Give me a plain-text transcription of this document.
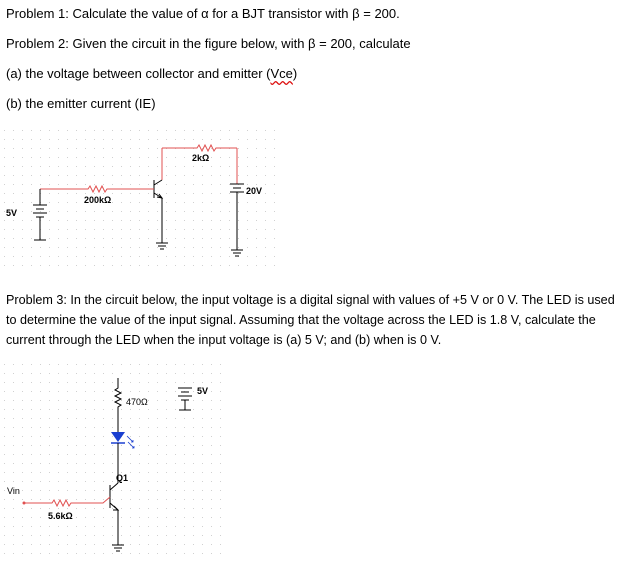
Problem 1: Calculate the value of α for a BJT transistor with β = 200.
Problem 2: Given the circuit in the figure below, with β = 200, calculate
(a) the voltage between collector and emitter (Vce)
(b) the emitter current (IE)
Problem 3: In the circuit below, the input voltage is a digital signal with values of +5 V or 0 V. The LED is used to determine the value of the input signal. Assuming that the voltage across the LED is 1.8 V, calculate the current through the LED when the input voltage is (a) 5 V; and (b) when is 0 V.
2kΩ
200kΩ
5V
20V
470Ω
5V
Q1
Vin
5.6kΩ
